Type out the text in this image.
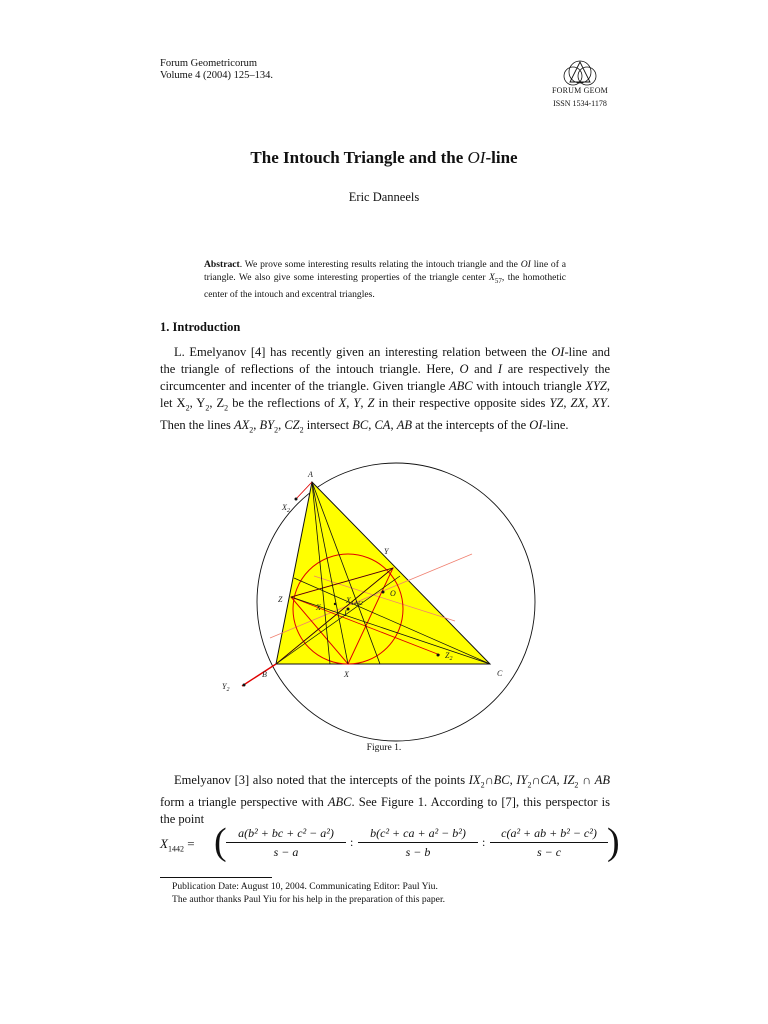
Forum Geometricorum
Volume 4 (2004) 125–134.
FORUM GEOM
ISSN 1534-1178
The Intouch Triangle and the OI-line
Eric Danneels
Abstract. We prove some interesting results relating the intouch triangle and the OI line of a triangle. We also give some interesting properties of the triangle center $X_{57}$, the homothetic center of the intouch and excentral triangles.
1. Introduction
L. Emelyanov [4] has recently given an interesting relation between the OI-line and the triangle of reflections of the intouch triangle. Here, O and I are respectively the circumcenter and incenter of the triangle. Given triangle ABC with intouch triangle XYZ, let $X_2$, $Y_2$, $Z_2$ be the reflections of X, Y, Z in their respective opposite sides YZ, ZX, XY. Then the lines $AX_2$, $BY_2$, $CZ_2$ intersect BC, CA, AB at the intercepts of the OI-line.
A
B	C
X
Y
Z
O
I
$X_2$
$Y_2$
$Z_2$
X
$X_{1442}$
Figure 1.
Emelyanov [3] also noted that the intercepts of the points $IX_2\cap BC$, $IY_2\cap CA$, $IZ_2$ ∩ AB form a triangle perspective with ABC. See Figure 1. According to [7], this perspector is the point
$X_{1442}$ = ( $\frac{\text{a(b² + bc + c² − a²)}}{s - a}$ : $\frac{\text{b(c² + ca + a² − b²)}}{s - b}$ : $\frac{\text{c(a² + ab + b² − c²)}}{s - c}$ )
Publication Date: August 10, 2004. Communicating Editor: Paul Yiu.
The author thanks Paul Yiu for his help in the preparation of this paper.
